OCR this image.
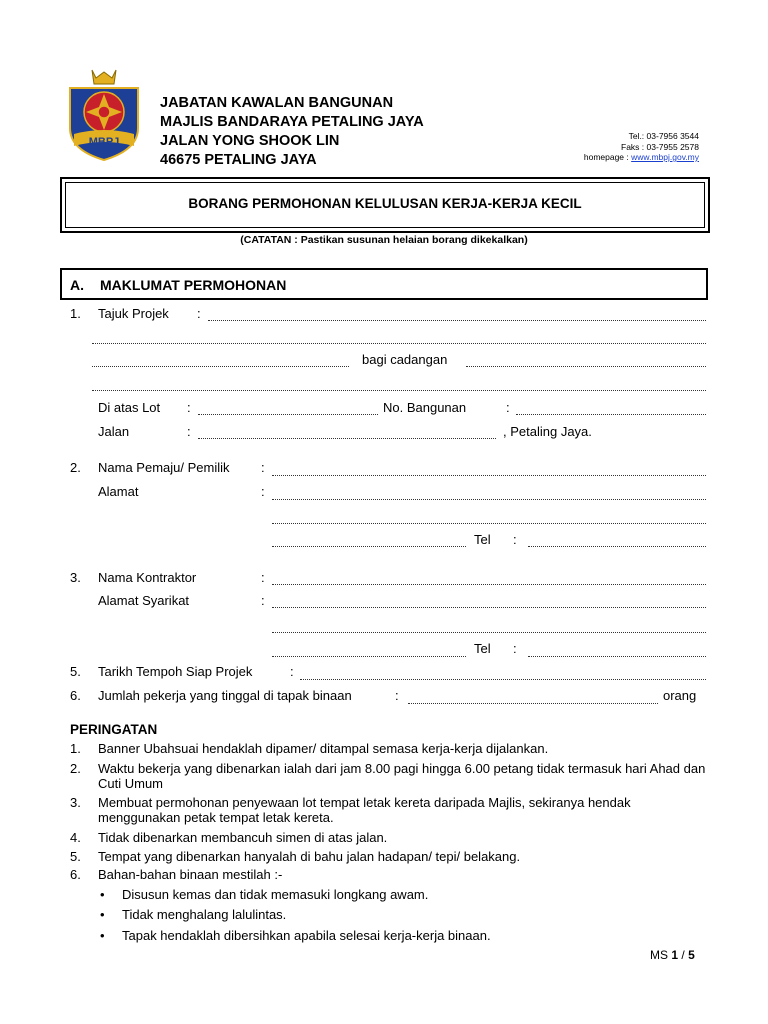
MBPJ
JABATAN KAWALAN BANGUNAN
MAJLIS BANDARAYA PETALING JAYA
JALAN YONG SHOOK LIN
46675 PETALING JAYA
Tel.: 03-7956 3544
Faks : 03-7955 2578
homepage : www.mbpj.gov.my
BORANG PERMOHONAN KELULUSAN KERJA-KERJA KECIL
(CATATAN : Pastikan susunan helaian borang dikekalkan)
A. MAKLUMAT PERMOHONAN
1. Tajuk Projek :
bagi cadangan
Di atas Lot :	No. Bangunan	:
Jalan	:	, Petaling Jaya.
2. Nama Pemaju/ Pemilik :
Alamat	:
Tel :
3. Nama Kontraktor	:
Alamat Syarikat	:
Tel :
5. Tarikh Tempoh Siap Projek	:
6. Jumlah pekerja yang tinggal di tapak binaan	:	orang
PERINGATAN
1. Banner Ubahsuai hendaklah dipamer/ ditampal semasa kerja-kerja dijalankan.
2. Waktu bekerja yang dibenarkan ialah dari jam 8.00 pagi hingga 6.00 petang tidak termasuk hari Ahad dan Cuti Umum
3. Membuat permohonan penyewaan lot tempat letak kereta daripada Majlis, sekiranya hendak menggunakan petak tempat letak kereta.
4. Tidak dibenarkan membancuh simen di atas jalan.
5. Tempat yang dibenarkan hanyalah di bahu jalan hadapan/ tepi/ belakang.
6. Bahan-bahan binaan mestilah :-
• Disusun kemas dan tidak memasuki longkang awam.
• Tidak menghalang lalulintas.
• Tapak hendaklah dibersihkan apabila selesai kerja-kerja binaan.
MS 1 / 5
